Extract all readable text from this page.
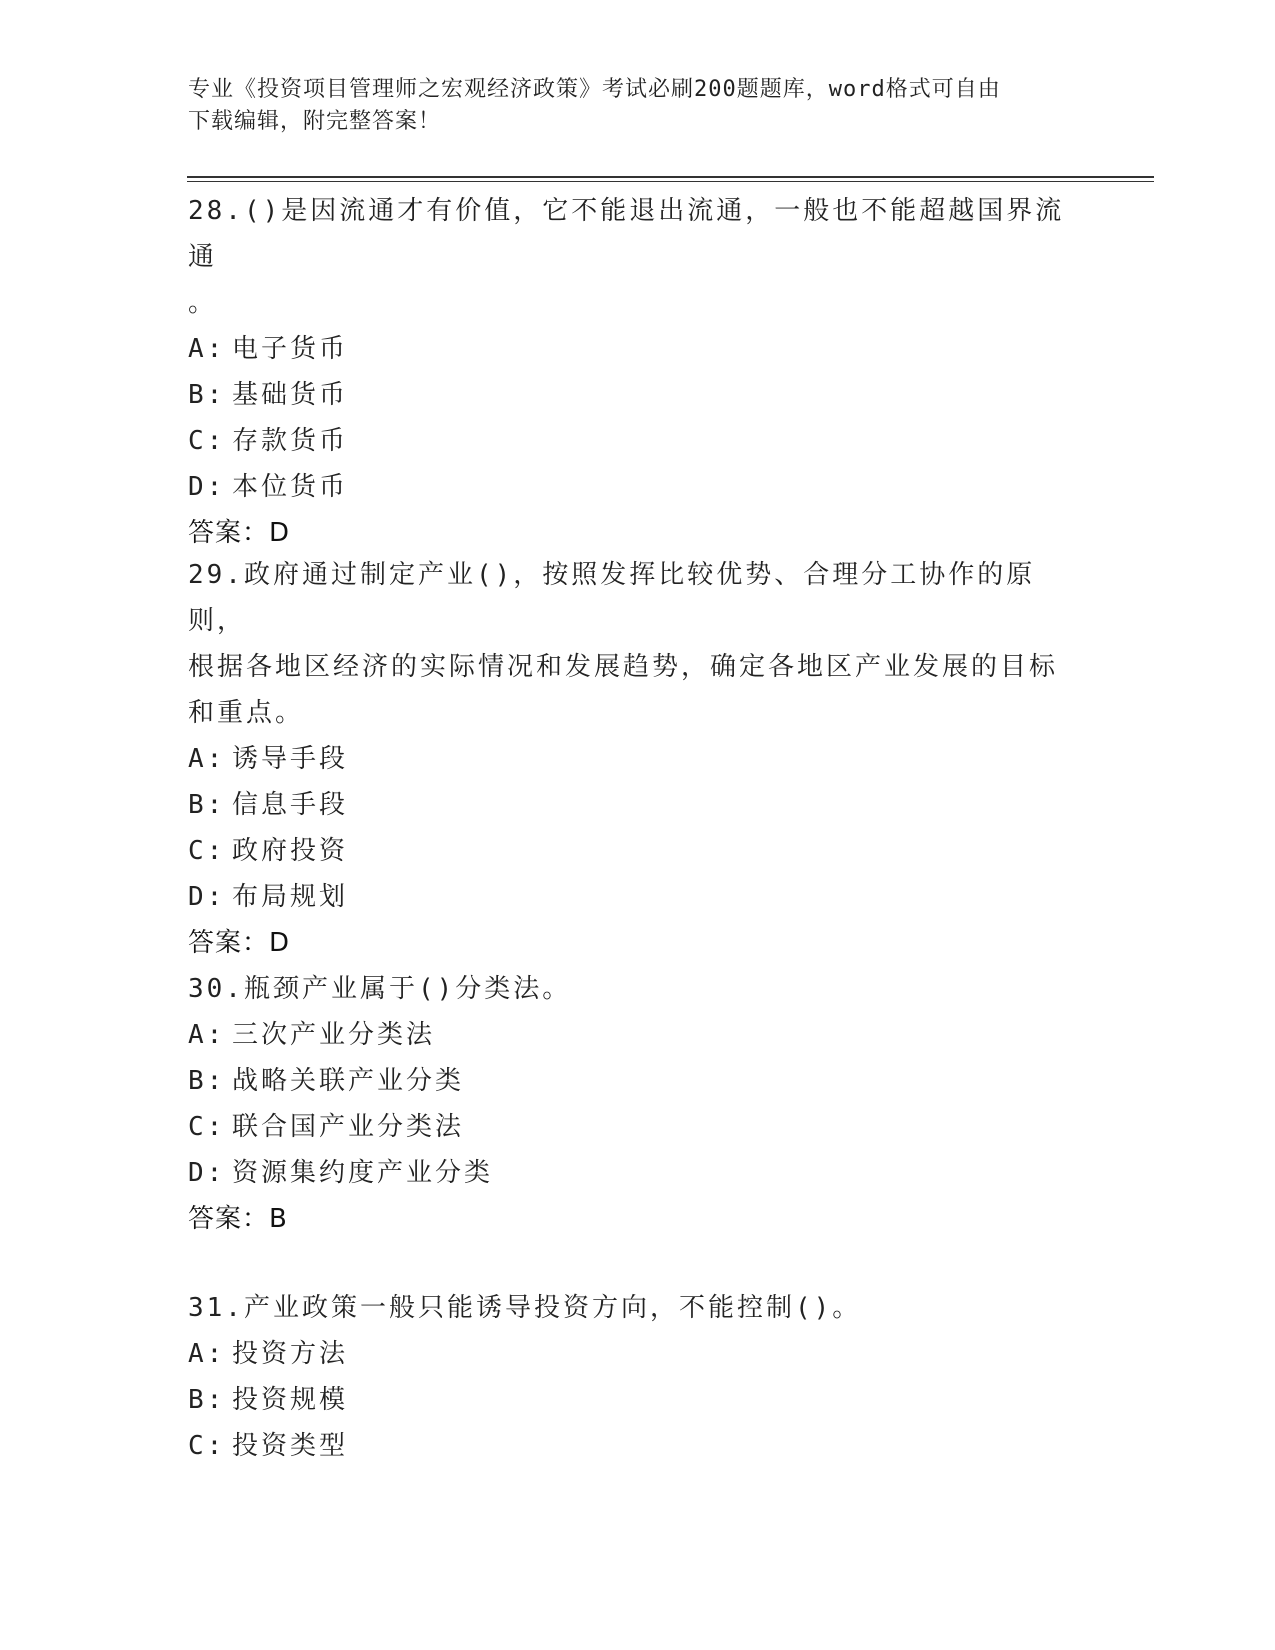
专业《投资项目管理师之宏观经济政策》考试必刷200题题库，word格式可自由
下载编辑，附完整答案！

28.()是因流通才有价值，它不能退出流通，一般也不能超越国界流通

。

A: 电子货币

B: 基础货币

C: 存款货币

D: 本位货币

答案：D

29.政府通过制定产业()，按照发挥比较优势、合理分工协作的原则，

根据各地区经济的实际情况和发展趋势，确定各地区产业发展的目标

和重点。

A: 诱导手段

B: 信息手段

C: 政府投资

D: 布局规划

答案：D

30.瓶颈产业属于()分类法。

A: 三次产业分类法

B: 战略关联产业分类

C: 联合国产业分类法

D: 资源集约度产业分类

答案：B

31.产业政策一般只能诱导投资方向，不能控制()。

A: 投资方法

B: 投资规模

C: 投资类型
